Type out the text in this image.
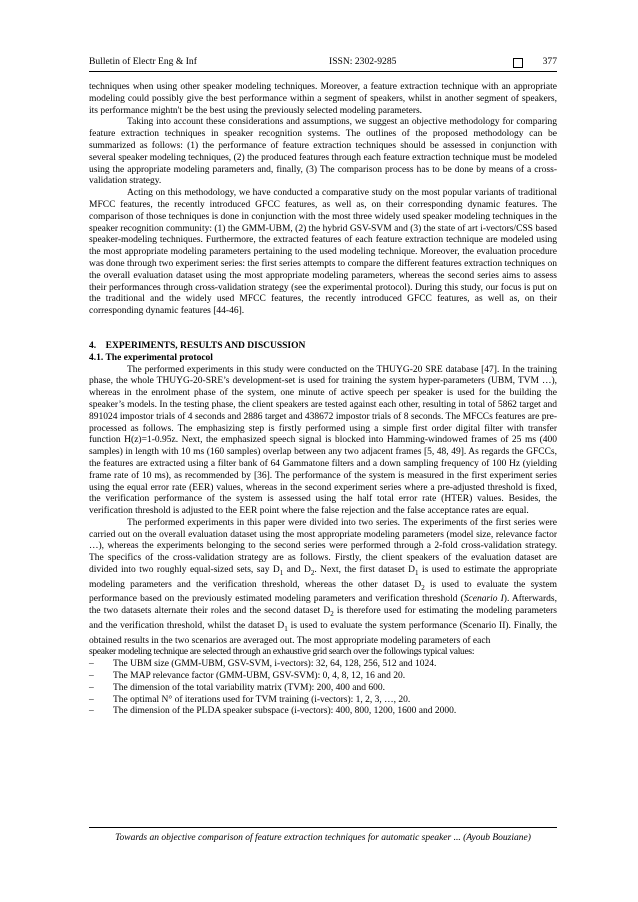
Bulletin of Electr Eng & Inf	ISSN: 2302-9285	377

techniques when using other speaker modeling techniques. Moreover, a feature extraction technique with an appropriate modeling could possibly give the best performance within a segment of speakers, whilst in another segment of speakers, its performance mightn't be the best using the previously selected modeling parameters.

Taking into account these considerations and assumptions, we suggest an objective methodology for comparing feature extraction techniques in speaker recognition systems. The outlines of the proposed methodology can be summarized as follows: (1) the performance of feature extraction techniques should be assessed in conjunction with several speaker modeling techniques, (2) the produced features through each feature extraction technique must be modeled using the appropriate modeling parameters and, finally, (3) The comparison process has to be done by means of a cross-validation strategy.

Acting on this methodology, we have conducted a comparative study on the most popular variants of traditional MFCC features, the recently introduced GFCC features, as well as, on their corresponding dynamic features. The comparison of those techniques is done in conjunction with the most three widely used speaker modeling techniques in the speaker recognition community: (1) the GMM-UBM, (2) the hybrid GSV-SVM and (3) the state of art i-vectors/CSS based speaker-modeling techniques. Furthermore, the extracted features of each feature extraction technique are modeled using the most appropriate modeling parameters pertaining to the used modeling technique. Moreover, the evaluation procedure was done through two experiment series: the first series attempts to compare the different features extraction techniques on the overall evaluation dataset using the most appropriate modeling parameters, whereas the second series aims to assess their performances through cross-validation strategy (see the experimental protocol). During this study, our focus is put on the traditional and the widely used MFCC features, the recently introduced GFCC features, as well as, on their corresponding dynamic features [44-46].

4.    EXPERIMENTS, RESULTS AND DISCUSSION

4.1. The experimental protocol

The performed experiments in this study were conducted on the THUYG-20 SRE database [47]. In the training phase, the whole THUYG-20-SRE’s development-set is used for training the system hyper-parameters (UBM, TVM …), whereas in the enrolment phase of the system, one minute of active speech per speaker is used for the building the speaker’s models. In the testing phase, the client speakers are tested against each other, resulting in total of 5862 target and 891024 impostor trials of 4 seconds and 2886 target and 438672 impostor trials of 8 seconds. The MFCCs features are pre-processed as follows. The emphasizing step is firstly performed using a simple first order digital filter with transfer function H(z)=1-0.95z. Next, the emphasized speech signal is blocked into Hamming-windowed frames of 25 ms (400 samples) in length with 10 ms (160 samples) overlap between any two adjacent frames [5, 48, 49]. As regards the GFCCs, the features are extracted using a filter bank of 64 Gammatone filters and a down sampling frequency of 100 Hz (yielding frame rate of 10 ms), as recommended by [36]. The performance of the system is measured in the first experiment series using the equal error rate (EER) values, whereas in the second experiment series where a pre-adjusted threshold is fixed, the verification performance of the system is assessed using the half total error rate (HTER) values. Besides, the verification threshold is adjusted to the EER point where the false rejection and the false acceptance rates are equal.

The performed experiments in this paper were divided into two series. The experiments of the first series were carried out on the overall evaluation dataset using the most appropriate modeling parameters (model size, relevance factor …), whereas the experiments belonging to the second series were performed through a 2-fold cross-validation strategy. The specifics of the cross-validation strategy are as follows. Firstly, the client speakers of the evaluation dataset are divided into two roughly equal-sized sets, say $D_1$ and $D_2$. Next, the first dataset $D_1$ is used to estimate the appropriate modeling parameters and the verification threshold, whereas the other dataset $D_2$ is used to evaluate the system performance based on the previously estimated modeling parameters and verification threshold (Scenario I). Afterwards, the two datasets alternate their roles and the second dataset $D_2$ is therefore used for estimating the modeling parameters and the verification threshold, whilst the dataset $D_1$ is used to evaluate the system performance (Scenario II). Finally, the obtained results in the two scenarios are averaged out. The most appropriate modeling parameters of each

speaker modeling technique are selected through an exhaustive grid search over the followings typical values:

– The UBM size (GMM-UBM, GSV-SVM, i-vectors): 32, 64, 128, 256, 512 and 1024.
– The MAP relevance factor (GMM-UBM, GSV-SVM): 0, 4, 8, 12, 16 and 20.
– The dimension of the total variability matrix (TVM): 200, 400 and 600.
– The optimal N° of iterations used for TVM training (i-vectors): 1, 2, 3, …, 20.
– The dimension of the PLDA speaker subspace (i-vectors): 400, 800, 1200, 1600 and 2000.
Towards an objective comparison of feature extraction techniques for automatic speaker ... (Ayoub Bouziane)
